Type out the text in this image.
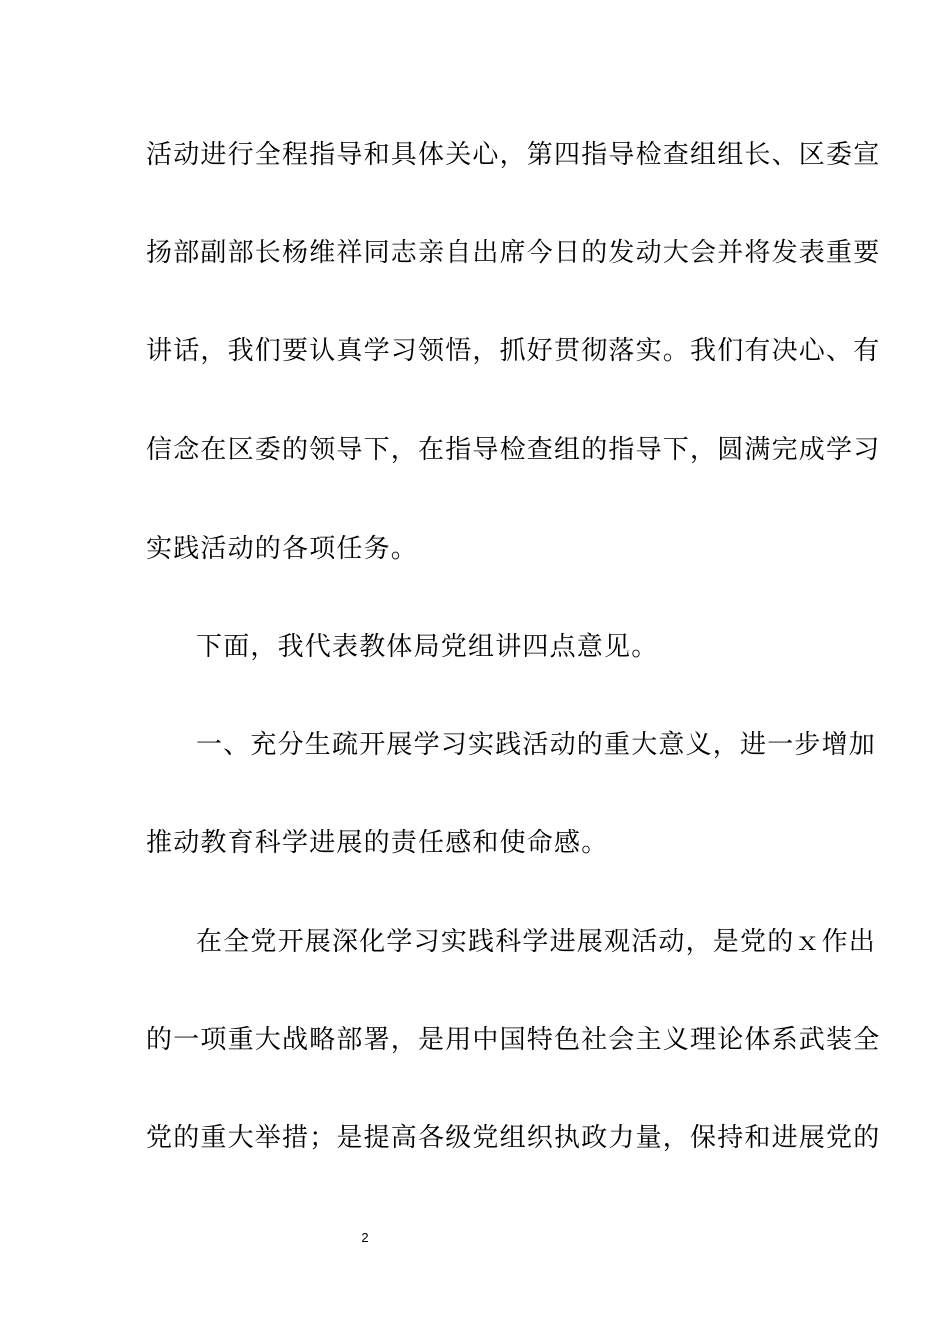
活动进行全程指导和具体关心，第四指导检查组组长、区委宣
扬部副部长杨维祥同志亲自出席今日的发动大会并将发表重要
讲话，我们要认真学习领悟，抓好贯彻落实。我们有决心、有
信念在区委的领导下，在指导检查组的指导下，圆满完成学习
实践活动的各项任务。
下面，我代表教体局党组讲四点意见。
一、充分生疏开展学习实践活动的重大意义，进一步增加
推动教育科学进展的责任感和使命感。
在全党开展深化学习实践科学进展观活动，是党的ｘ作出
的一项重大战略部署，是用中国特色社会主义理论体系武装全
党的重大举措；是提高各级党组织执政力量，保持和进展党的
2
